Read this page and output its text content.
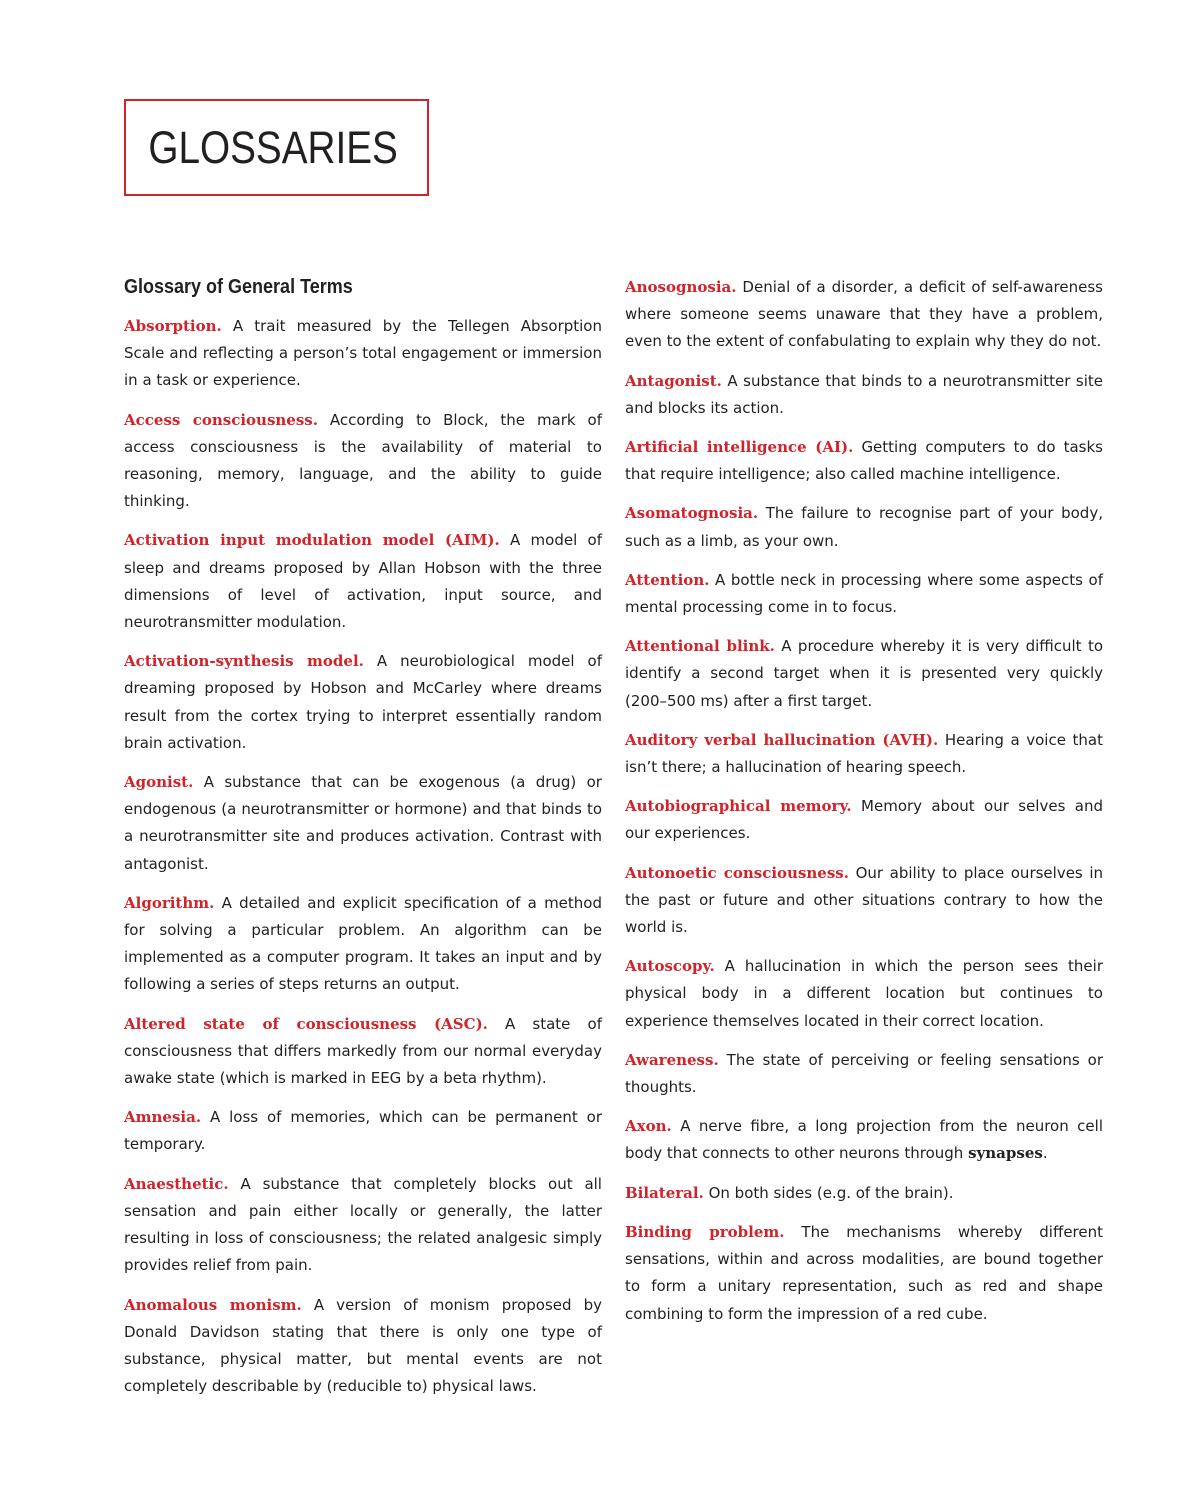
GLOSSARIES
Glossary of General Terms

Absorption. A trait measured by the Tellegen Absorption Scale and reflecting a person’s total engagement or immersion in a task or experience.

Access consciousness. According to Block, the mark of access consciousness is the availability of material to reasoning, memory, language, and the ability to guide thinking.

Activation input modulation model (AIM). A model of sleep and dreams proposed by Allan Hobson with the three dimensions of level of activation, input source, and neurotransmitter modulation.

Activation-synthesis model. A neurobiological model of dreaming proposed by Hobson and McCarley where dreams result from the cortex trying to interpret essentially random brain activation.

Agonist. A substance that can be exogenous (a drug) or endogenous (a neurotransmitter or hormone) and that binds to a neurotransmitter site and produces activation. Contrast with antagonist.

Algorithm. A detailed and explicit specification of a method for solving a particular problem. An algorithm can be implemented as a computer program. It takes an input and by following a series of steps returns an output.

Altered state of consciousness (ASC). A state of consciousness that differs markedly from our normal everyday awake state (which is marked in EEG by a beta rhythm).

Amnesia. A loss of memories, which can be permanent or temporary.

Anaesthetic. A substance that completely blocks out all sensation and pain either locally or generally, the latter resulting in loss of consciousness; the related analgesic simply provides relief from pain.

Anomalous monism. A version of monism proposed by Donald Davidson stating that there is only one type of substance, physical matter, but mental events are not completely describable by (reducible to) physical laws.

Anosognosia. Denial of a disorder, a deficit of self-awareness where someone seems unaware that they have a problem, even to the extent of confabulating to explain why they do not.

Antagonist. A substance that binds to a neurotransmitter site and blocks its action.

Artificial intelligence (AI). Getting computers to do tasks that require intelligence; also called machine intelligence.

Asomatognosia. The failure to recognise part of your body, such as a limb, as your own.

Attention. A bottle neck in processing where some aspects of mental processing come in to focus.

Attentional blink. A procedure whereby it is very difficult to identify a second target when it is presented very quickly (200–500 ms) after a first target.

Auditory verbal hallucination (AVH). Hearing a voice that isn’t there; a hallucination of hearing speech.

Autobiographical memory. Memory about our selves and our experiences.

Autonoetic consciousness. Our ability to place ourselves in the past or future and other situations contrary to how the world is.

Autoscopy. A hallucination in which the person sees their physical body in a different location but continues to experience themselves located in their correct location.

Awareness. The state of perceiving or feeling sensations or thoughts.

Axon. A nerve fibre, a long projection from the neuron cell body that connects to other neurons through synapses.

Bilateral. On both sides (e.g. of the brain).

Binding problem. The mechanisms whereby different sensations, within and across modalities, are bound together to form a unitary representation, such as red and shape combining to form the impression of a red cube.
